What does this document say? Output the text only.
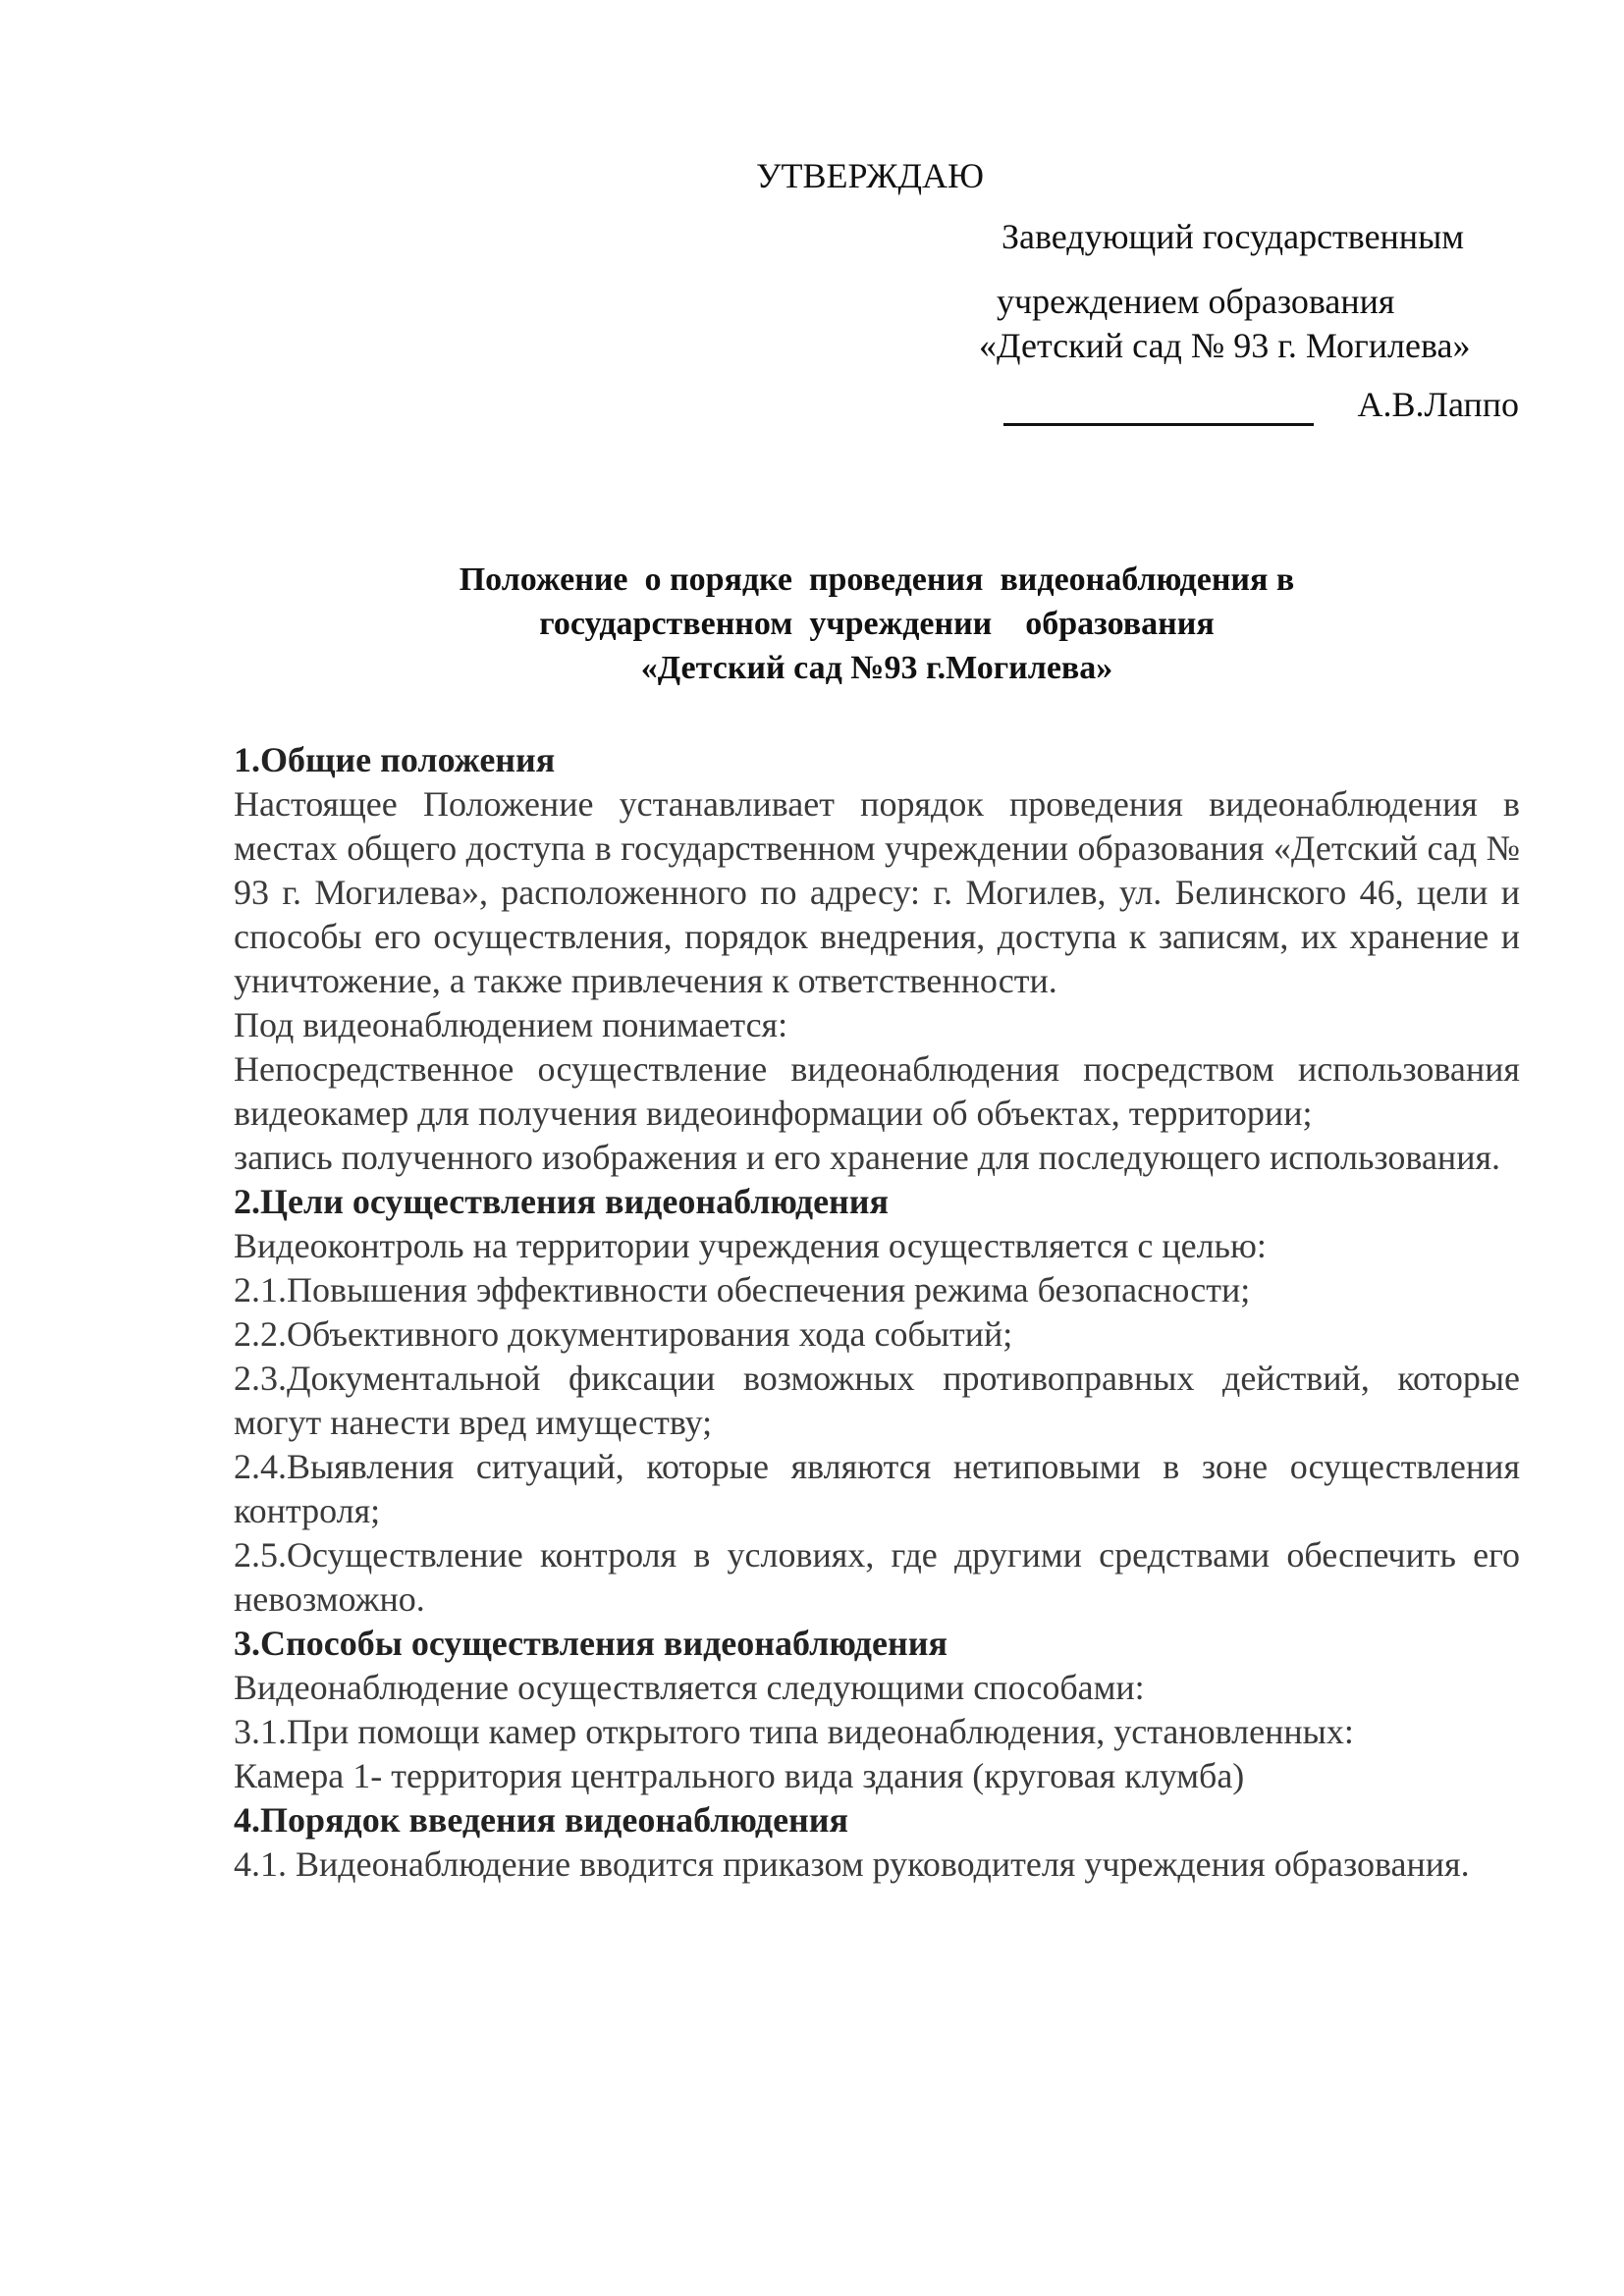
УТВЕРЖДАЮ
Заведующий государственным
учреждением образования
«Детский сад № 93 г. Могилева»
А.В.Лаппо
Положение  о порядке  проведения  видеонаблюдения в
государственном  учреждении    образования
«Детский сад №93 г.Могилева»
1.Общие положения
Настоящее Положение устанавливает порядок проведения видеонаблюдения в местах общего доступа в государственном учреждении образования «Детский сад № 93 г. Могилева», расположенного по адресу: г. Могилев, ул. Белинского 46, цели и способы его осуществления, порядок внедрения, доступа к записям, их хранение и уничтожение, а также привлечения к ответственности.
Под видеонаблюдением понимается:
Непосредственное осуществление видеонаблюдения посредством использования видеокамер для получения видеоинформации об объектах, территории;
запись полученного изображения и его хранение для последующего использования.
2.Цели осуществления видеонаблюдения
Видеоконтроль на территории учреждения осуществляется с целью:
2.1.Повышения эффективности обеспечения режима безопасности;
2.2.Объективного документирования хода событий;
2.3.Документальной фиксации возможных противоправных действий, которые могут нанести вред имуществу;
2.4.Выявления ситуаций, которые являются нетиповыми в зоне осуществления контроля;
2.5.Осуществление контроля в условиях, где другими средствами обеспечить его невозможно.
3.Способы осуществления видеонаблюдения
Видеонаблюдение осуществляется следующими способами:
3.1.При помощи камер открытого типа видеонаблюдения, установленных:
Камера 1- территория центрального вида здания (круговая клумба)
4.Порядок введения видеонаблюдения
4.1. Видеонаблюдение вводится приказом руководителя учреждения образования.
